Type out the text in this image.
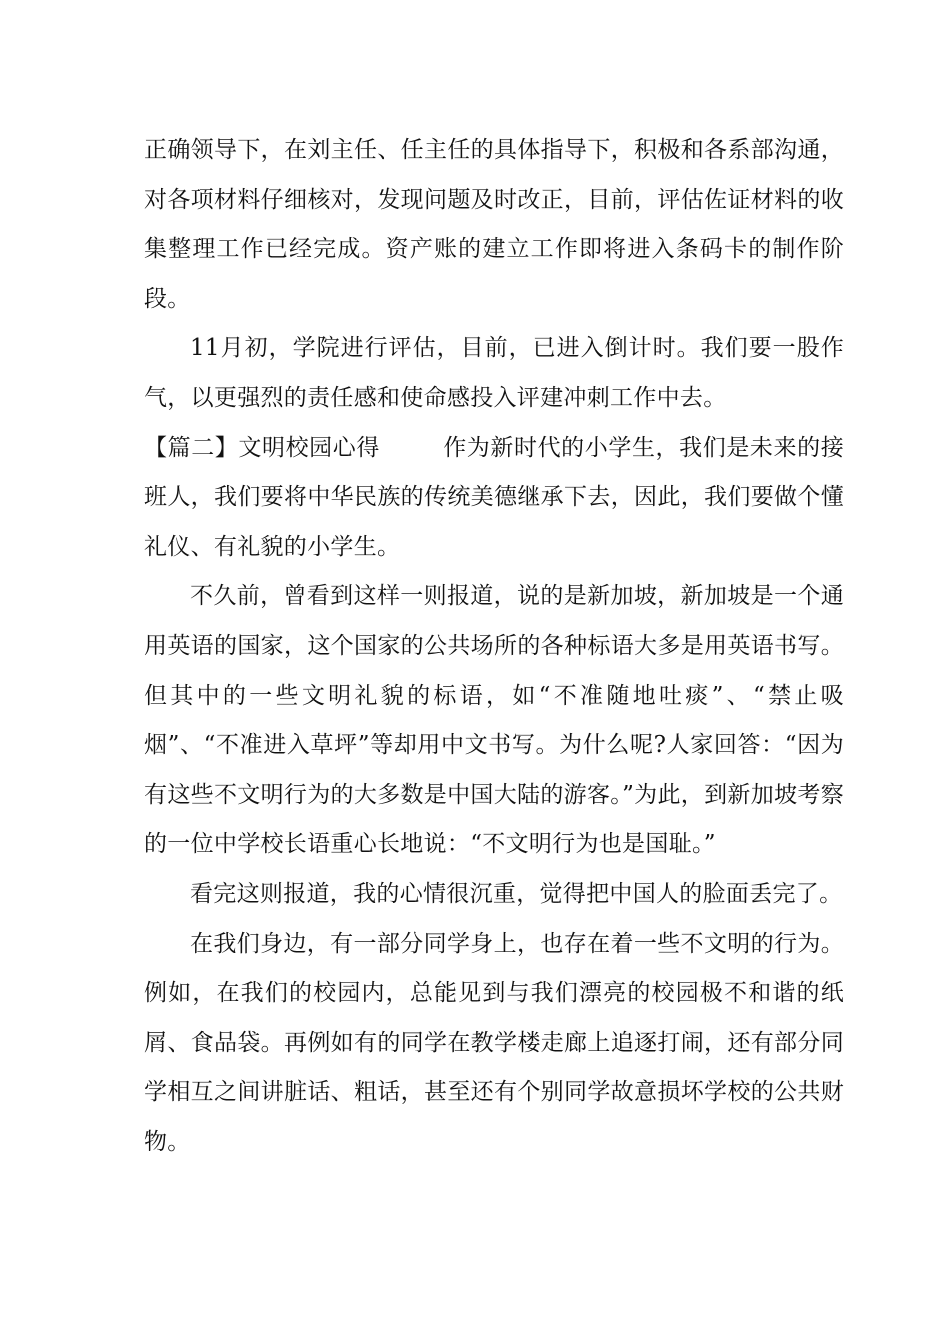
正确领导下，在刘主任、任主任的具体指导下，积极和各系部沟通，对各项材料仔细核对，发现问题及时改正，目前，评估佐证材料的收集整理工作已经完成。资产账的建立工作即将进入条码卡的制作阶段。

11月初，学院进行评估，目前，已进入倒计时。我们要一股作气，以更强烈的责任感和使命感投入评建冲刺工作中去。

【篇二】文明校园心得	作为新时代的小学生，我们是未来的接班人，我们要将中华民族的传统美德继承下去，因此，我们要做个懂礼仪、有礼貌的小学生。

不久前，曾看到这样一则报道，说的是新加坡，新加坡是一个通用英语的国家，这个国家的公共场所的各种标语大多是用英语书写。但其中的一些文明礼貌的标语，如“不准随地吐痰”、“禁止吸烟”、“不准进入草坪”等却用中文书写。为什么呢?人家回答：“因为有这些不文明行为的大多数是中国大陆的游客。”为此，到新加坡考察的一位中学校长语重心长地说：“不文明行为也是国耻。”

看完这则报道，我的心情很沉重，觉得把中国人的脸面丢完了。

在我们身边，有一部分同学身上，也存在着一些不文明的行为。例如，在我们的校园内，总能见到与我们漂亮的校园极不和谐的纸屑、食品袋。再例如有的同学在教学楼走廊上追逐打闹，还有部分同学相互之间讲脏话、粗话，甚至还有个别同学故意损坏学校的公共财物。
